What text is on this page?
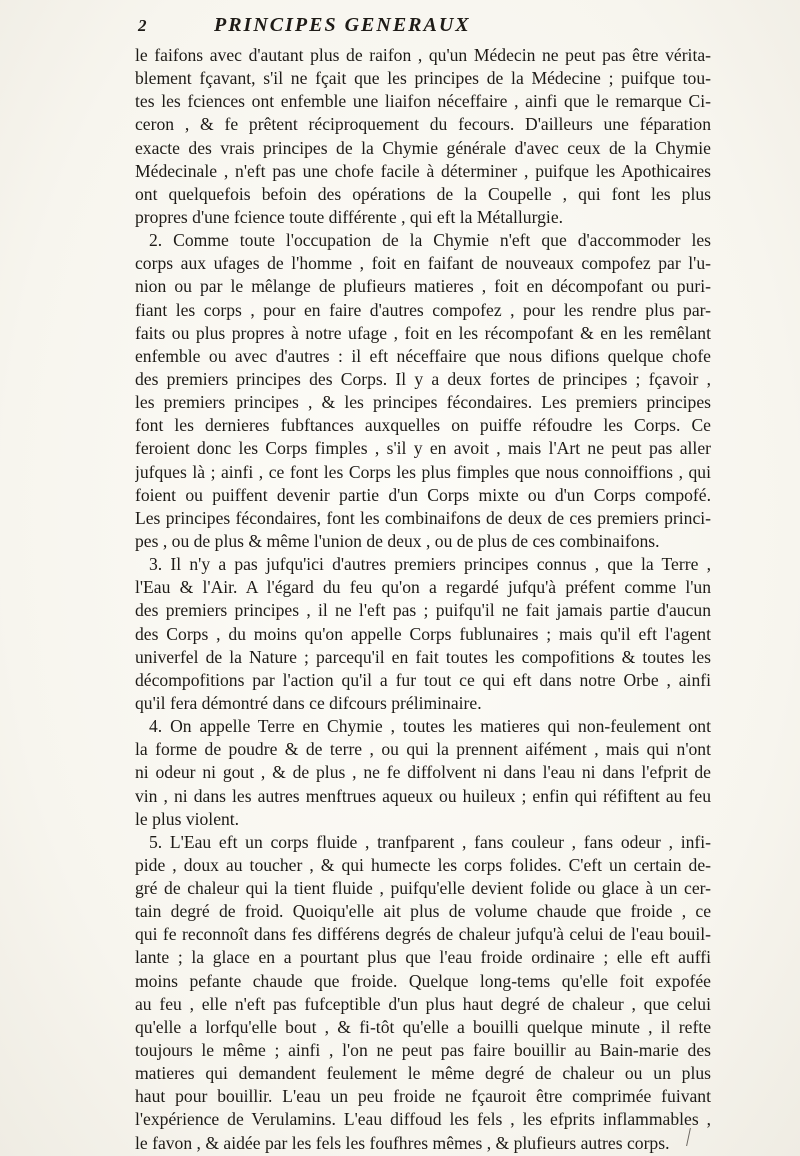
2	PRINCIPES GENERAUX
le faifons avec d'autant plus de raifon , qu'un Médecin ne peut pas être vérita-
blement fçavant, s'il ne fçait que les principes de la Médecine ; puifque tou-
tes les fciences ont enfemble une liaifon néceffaire , ainfi que le remarque Ci-
ceron , & fe prêtent réciproquement du fecours. D'ailleurs une féparation
exacte des vrais principes de la Chymie générale d'avec ceux de la Chymie
Médecinale , n'eft pas une chofe facile à déterminer , puifque les Apothicaires
ont quelquefois befoin des opérations de la Coupelle , qui font les plus
propres d'une fcience toute différente , qui eft la Métallurgie.
2. Comme toute l'occupation de la Chymie n'eft que d'accommoder les
corps aux ufages de l'homme , foit en faifant de nouveaux compofez par l'u-
nion ou par le mêlange de plufieurs matieres , foit en décompofant ou puri-
fiant les corps , pour en faire d'autres compofez , pour les rendre plus par-
faits ou plus propres à notre ufage , foit en les récompofant & en les remêlant
enfemble ou avec d'autres : il eft néceffaire que nous difions quelque chofe
des premiers principes des Corps. Il y a deux fortes de principes ; fçavoir ,
les premiers principes , & les principes fécondaires. Les premiers principes
font les dernieres fubftances auxquelles on puiffe réfoudre les Corps. Ce
feroient donc les Corps fimples , s'il y en avoit , mais l'Art ne peut pas aller
jufques là ; ainfi , ce font les Corps les plus fimples que nous connoiffions , qui
foient ou puiffent devenir partie d'un Corps mixte ou d'un Corps compofé.
Les principes fécondaires, font les combinaifons de deux de ces premiers princi-
pes , ou de plus & même l'union de deux , ou de plus de ces combinaifons.
3. Il n'y a pas jufqu'ici d'autres premiers principes connus , que la Terre ,
l'Eau & l'Air. A l'égard du feu qu'on a regardé jufqu'à préfent comme l'un
des premiers principes , il ne l'eft pas ; puifqu'il ne fait jamais partie d'aucun
des Corps , du moins qu'on appelle Corps fublunaires ; mais qu'il eft l'agent
univerfel de la Nature ; parcequ'il en fait toutes les compofitions & toutes les
décompofitions par l'action qu'il a fur tout ce qui eft dans notre Orbe , ainfi
qu'il fera démontré dans ce difcours préliminaire.
4. On appelle Terre en Chymie , toutes les matieres qui non-feulement ont
la forme de poudre & de terre , ou qui la prennent aifément , mais qui n'ont
ni odeur ni gout , & de plus , ne fe diffolvent ni dans l'eau ni dans l'efprit de
vin , ni dans les autres menftrues aqueux ou huileux ; enfin qui réfiftent au feu
le plus violent.
5. L'Eau eft un corps fluide , tranfparent , fans couleur , fans odeur , infi-
pide , doux au toucher , & qui humecte les corps folides. C'eft un certain de-
gré de chaleur qui la tient fluide , puifqu'elle devient folide ou glace à un cer-
tain degré de froid. Quoiqu'elle ait plus de volume chaude que froide , ce
qui fe reconnoît dans fes différens degrés de chaleur jufqu'à celui de l'eau bouil-
lante ; la glace en a pourtant plus que l'eau froide ordinaire ; elle eft auffi
moins pefante chaude que froide. Quelque long-tems qu'elle foit expofée
au feu , elle n'eft pas fufceptible d'un plus haut degré de chaleur , que celui
qu'elle a lorfqu'elle bout , & fi-tôt qu'elle a bouilli quelque minute , il refte
toujours le même ; ainfi , l'on ne peut pas faire bouillir au Bain-marie des
matieres qui demandent feulement le même degré de chaleur ou un plus
haut pour bouillir. L'eau un peu froide ne fçauroit être comprimée fuivant
l'expérience de Verulamins. L'eau diffoud les fels , les efprits inflammables ,
le favon , & aidée par les fels les foufhres mêmes , & plufieurs autres corps.
